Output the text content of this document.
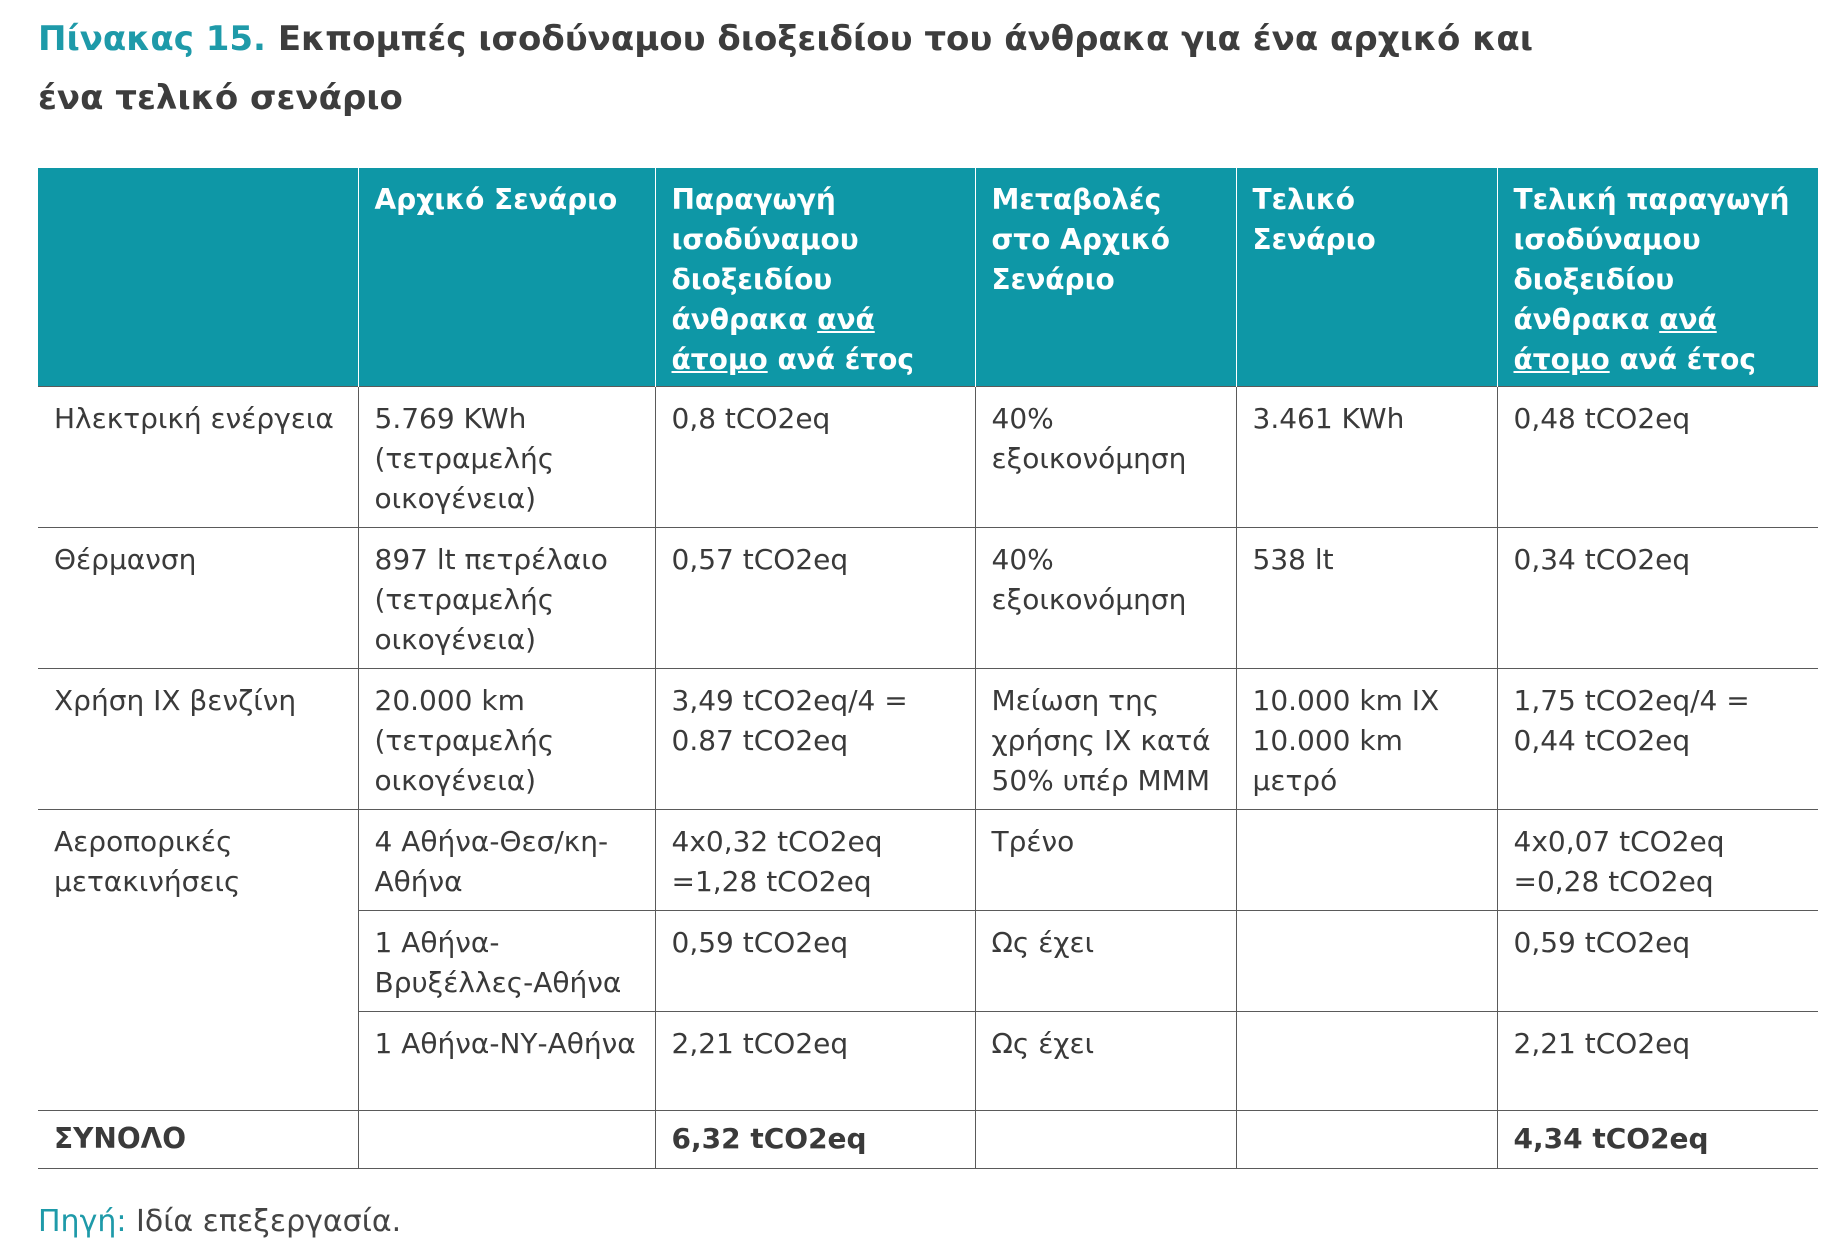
Πίνακας 15. Εκπομπές ισοδύναμου διοξειδίου του άνθρακα για ένα αρχικό και ένα τελικό σενάριο
	Αρχικό Σενάριο	Παραγωγή ισοδύναμου διοξειδίου άνθρακα ανά άτομο ανά έτος	Μεταβολές στο Αρχικό Σενάριο	Τελικό Σενάριο	Τελική παραγωγή ισοδύναμου διοξειδίου άνθρακα ανά άτομο ανά έτος
Ηλεκτρική ενέργεια	5.769 KWh (τετραμελής οικογένεια)	0,8 tCO2eq	40% εξοικονόμηση	3.461 KWh	0,48 tCO2eq
Θέρμανση	897 lt πετρέλαιο (τετραμελής οικογένεια)	0,57 tCO2eq	40% εξοικονόμηση	538 lt	0,34 tCO2eq
Χρήση ΙΧ βενζίνη	20.000 km (τετραμελής οικογένεια)	3,49 tCO2eq/4 = 0.87 tCO2eq	Μείωση της χρήσης ΙΧ κατά 50% υπέρ ΜΜΜ	10.000 km ΙΧ 10.000 km μετρό	1,75 tCO2eq/4 = 0,44 tCO2eq
Αεροπορικές μετακινήσεις	4 Αθήνα-Θεσ/κη-Αθήνα	4x0,32 tCO2eq =1,28 tCO2eq	Τρένο		4x0,07 tCO2eq =0,28 tCO2eq
	1 Αθήνα-Βρυξέλλες-Αθήνα	0,59 tCO2eq	Ως έχει		0,59 tCO2eq
	1 Αθήνα-ΝΥ-Αθήνα	2,21 tCO2eq	Ως έχει		2,21 tCO2eq
ΣΥΝΟΛΟ		6,32 tCO2eq			4,34 tCO2eq
Πηγή: Ιδία επεξεργασία.
